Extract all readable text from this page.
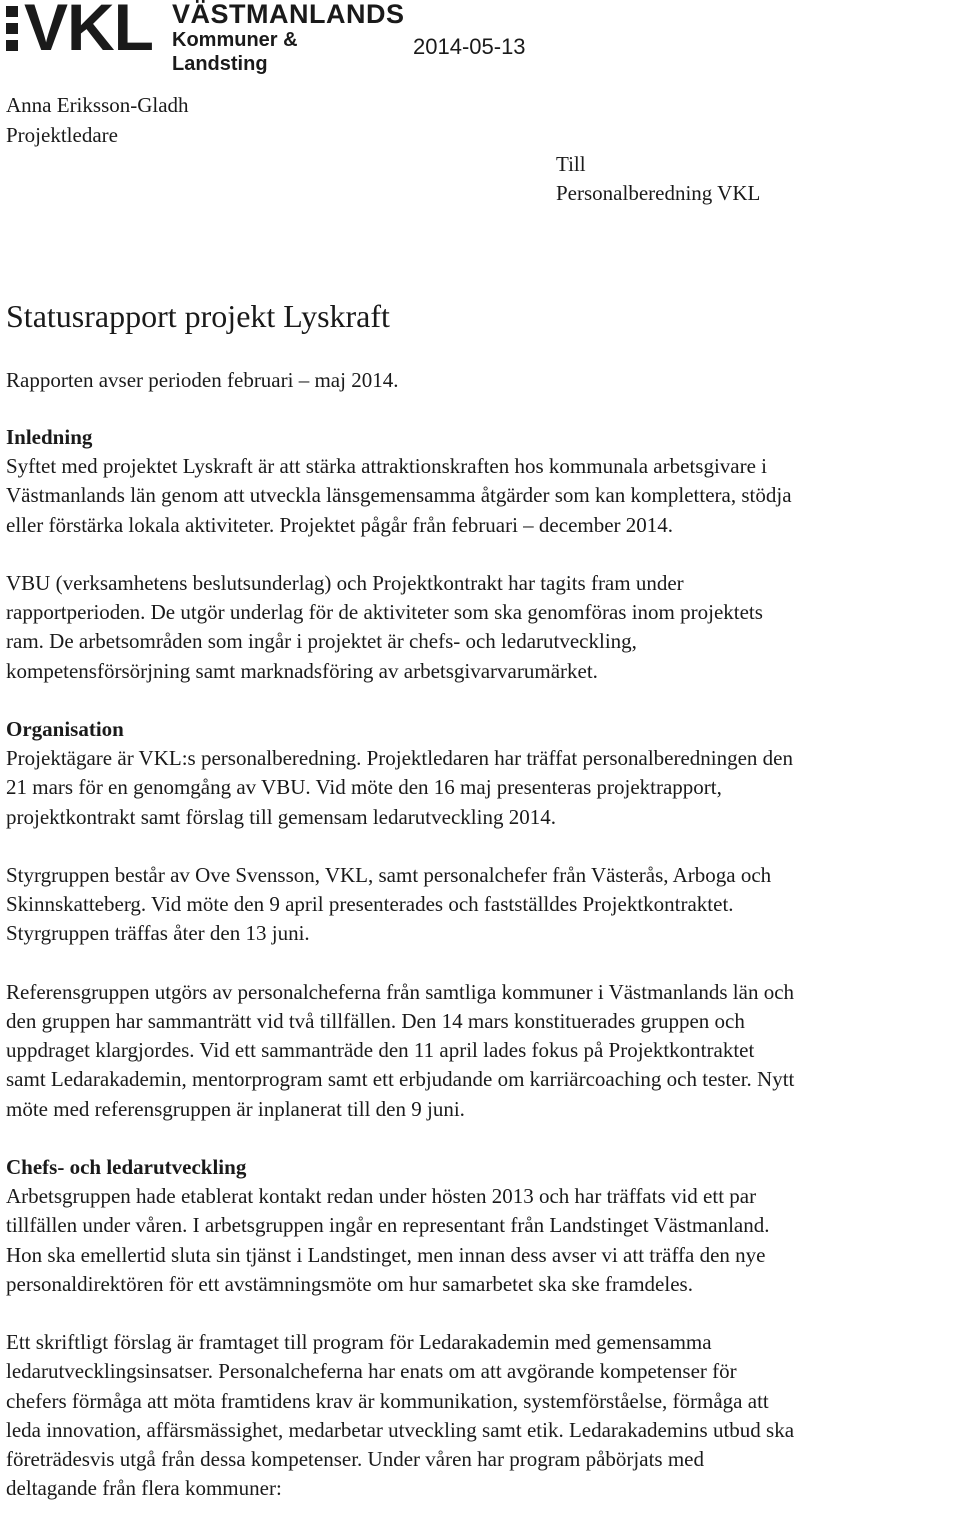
VKL VÄSTMANLANDS
Kommuner & Landsting
2014-05-13
Anna Eriksson-Gladh
Projektledare
Till
Personalberedning VKL
Statusrapport projekt Lyskraft
Rapporten avser perioden februari – maj 2014.
Inledning

Syftet med projektet Lyskraft är att stärka attraktionskraften hos kommunala arbetsgivare i
Västmanlands län genom att utveckla länsgemensamma åtgärder som kan komplettera, stödja
eller förstärka lokala aktiviteter. Projektet pågår från februari – december 2014.

VBU (verksamhetens beslutsunderlag) och Projektkontrakt har tagits fram under
rapportperioden. De utgör underlag för de aktiviteter som ska genomföras inom projektets
ram. De arbetsområden som ingår i projektet är chefs- och ledarutveckling,
kompetensförsörjning samt marknadsföring av arbetsgivarvarumärket.

Organisation

Projektägare är VKL:s personalberedning. Projektledaren har träffat personalberedningen den
21 mars för en genomgång av VBU. Vid möte den 16 maj presenteras projektrapport,
projektkontrakt samt förslag till gemensam ledarutveckling 2014.

Styrgruppen består av Ove Svensson, VKL, samt personalchefer från Västerås, Arboga och
Skinnskatteberg. Vid möte den 9 april presenterades och fastställdes Projektkontraktet.
Styrgruppen träffas åter den 13 juni.

Referensgruppen utgörs av personalcheferna från samtliga kommuner i Västmanlands län och
den gruppen har sammanträtt vid två tillfällen. Den 14 mars konstituerades gruppen och
uppdraget klargjordes. Vid ett sammanträde den 11 april lades fokus på Projektkontraktet
samt Ledarakademin, mentorprogram samt ett erbjudande om karriärcoaching och tester. Nytt
möte med referensgruppen är inplanerat till den 9 juni.

Chefs- och ledarutveckling

Arbetsgruppen hade etablerat kontakt redan under hösten 2013 och har träffats vid ett par
tillfällen under våren. I arbetsgruppen ingår en representant från Landstinget Västmanland.
Hon ska emellertid sluta sin tjänst i Landstinget, men innan dess avser vi att träffa den nye
personaldirektören för ett avstämningsmöte om hur samarbetet ska ske framdeles.

Ett skriftligt förslag är framtaget till program för Ledarakademin med gemensamma
ledarutvecklingsinsatser. Personalcheferna har enats om att avgörande kompetenser för
chefers förmåga att möta framtidens krav är kommunikation, systemförståelse, förmåga att
leda innovation, affärsmässighet, medarbetar utveckling samt etik. Ledarakademins utbud ska
företrädesvis utgå från dessa kompetenser. Under våren har program påbörjats med
deltagande från flera kommuner:
